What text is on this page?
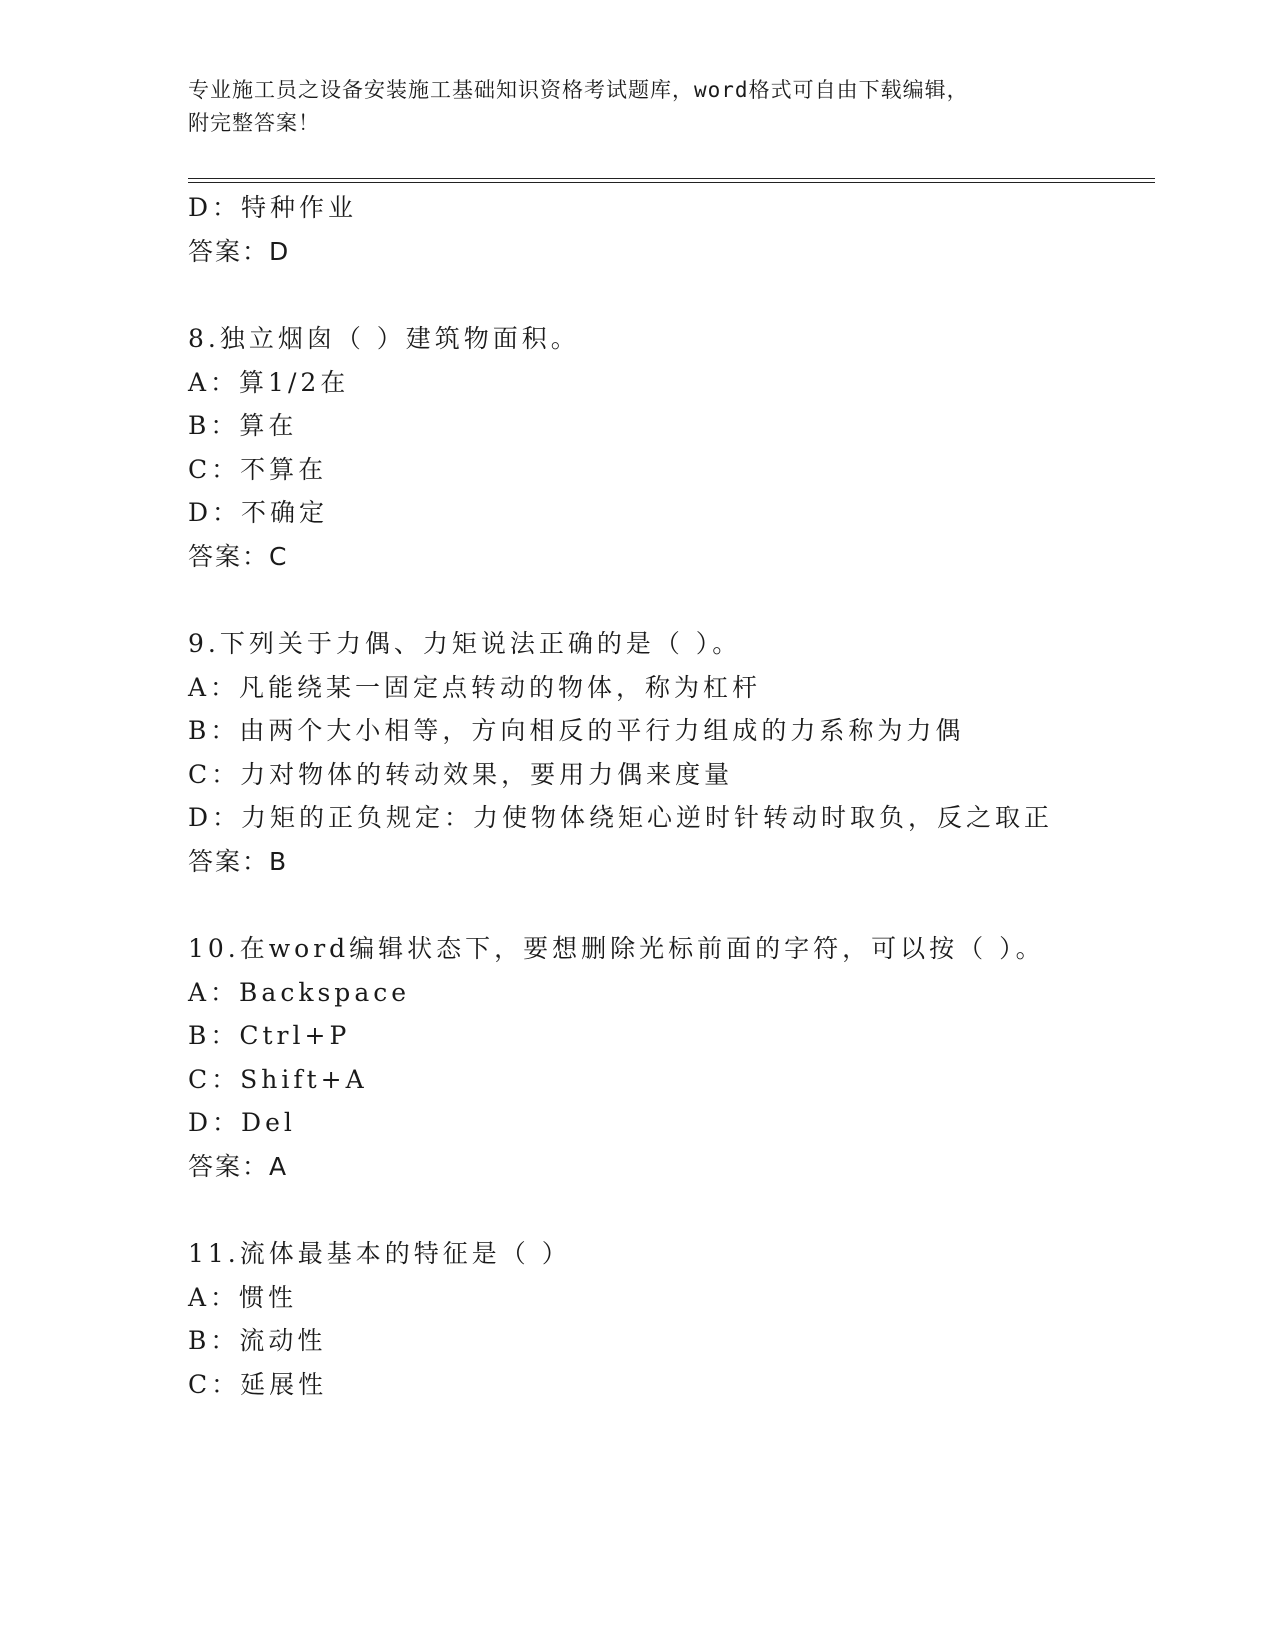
专业施工员之设备安装施工基础知识资格考试题库，word格式可自由下载编辑，
附完整答案！
D：特种作业
答案：D
8.独立烟囱（ ）建筑物面积。
A：算1/2在
B：算在
C：不算在
D：不确定
答案：C
9.下列关于力偶、力矩说法正确的是（ ）。
A：凡能绕某一固定点转动的物体，称为杠杆
B：由两个大小相等，方向相反的平行力组成的力系称为力偶
C：力对物体的转动效果，要用力偶来度量
D：力矩的正负规定：力使物体绕矩心逆时针转动时取负，反之取正
答案：B
10.在word编辑状态下，要想删除光标前面的字符，可以按（ ）。
A：Backspace
B：Ctrl+P
C：Shift+A
D：Del
答案：A
11.流体最基本的特征是（ ）
A：惯性
B：流动性
C：延展性
